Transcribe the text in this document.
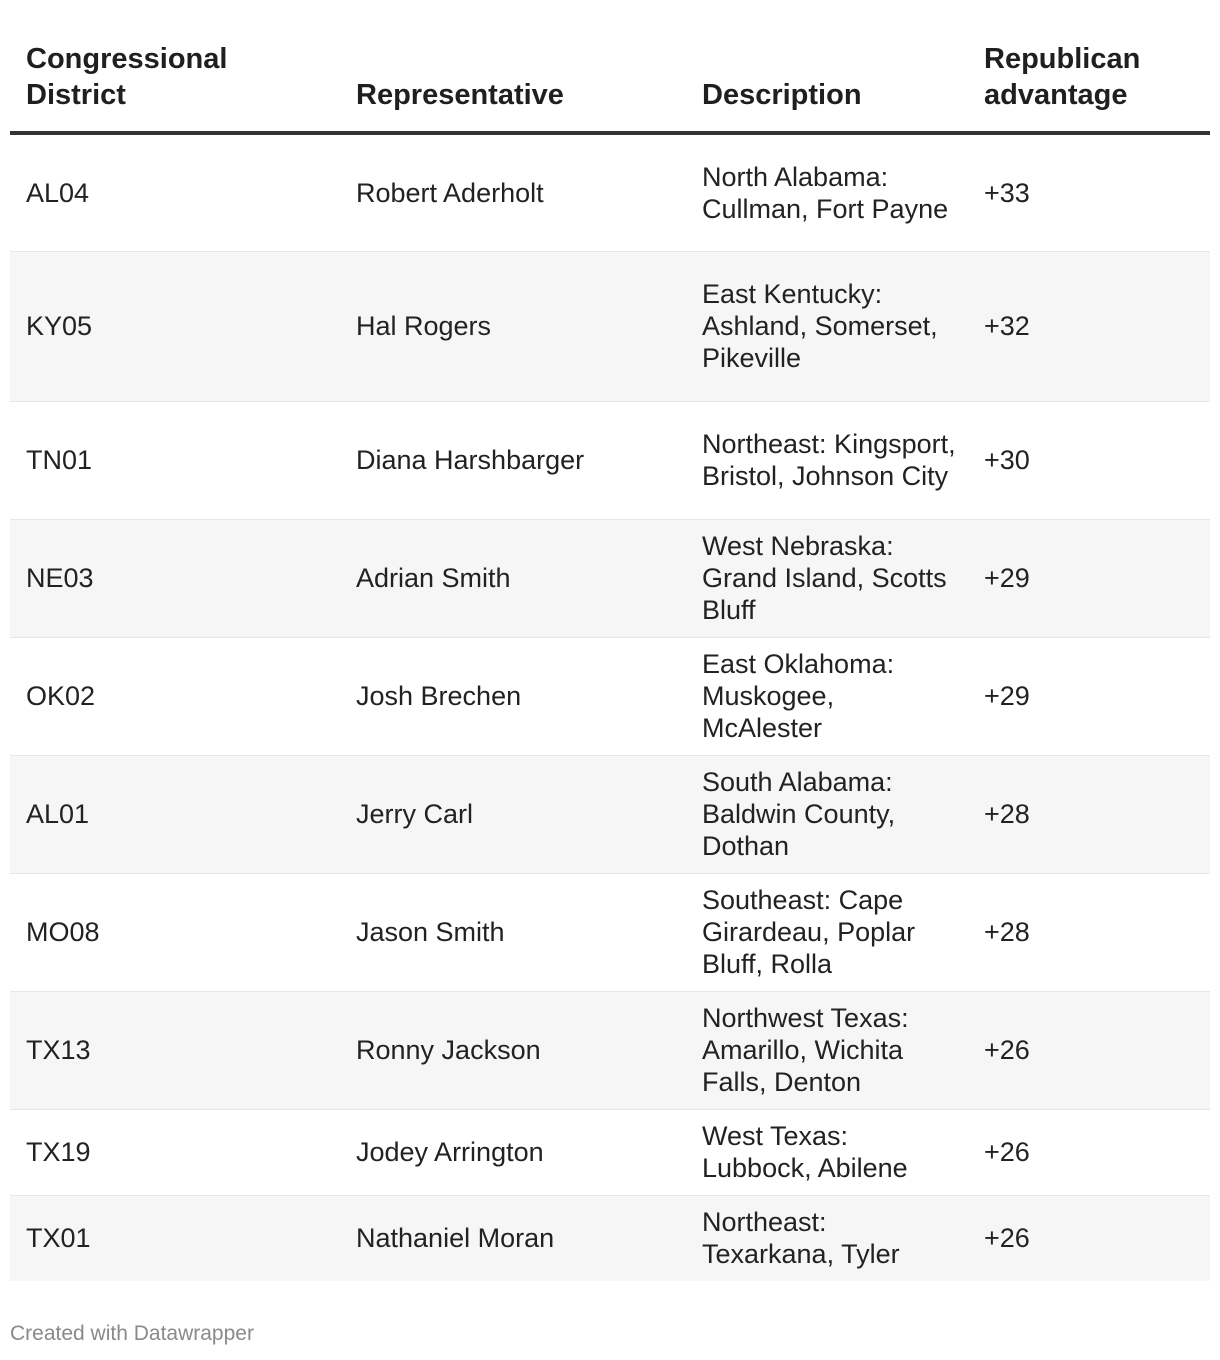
Congressional District	Representative	Description	Republican advantage
AL04	Robert Aderholt	North Alabama: Cullman, Fort Payne	+33
KY05	Hal Rogers	East Kentucky: Ashland, Somerset, Pikeville	+32
TN01	Diana Harshbarger	Northeast: Kingsport, Bristol, Johnson City	+30
NE03	Adrian Smith	West Nebraska: Grand Island, Scotts Bluff	+29
OK02	Josh Brechen	East Oklahoma: Muskogee, McAlester	+29
AL01	Jerry Carl	South Alabama: Baldwin County, Dothan	+28
MO08	Jason Smith	Southeast: Cape Girardeau, Poplar Bluff, Rolla	+28
TX13	Ronny Jackson	Northwest Texas: Amarillo, Wichita Falls, Denton	+26
TX19	Jodey Arrington	West Texas: Lubbock, Abilene	+26
TX01	Nathaniel Moran	Northeast: Texarkana, Tyler	+26
Created with Datawrapper
